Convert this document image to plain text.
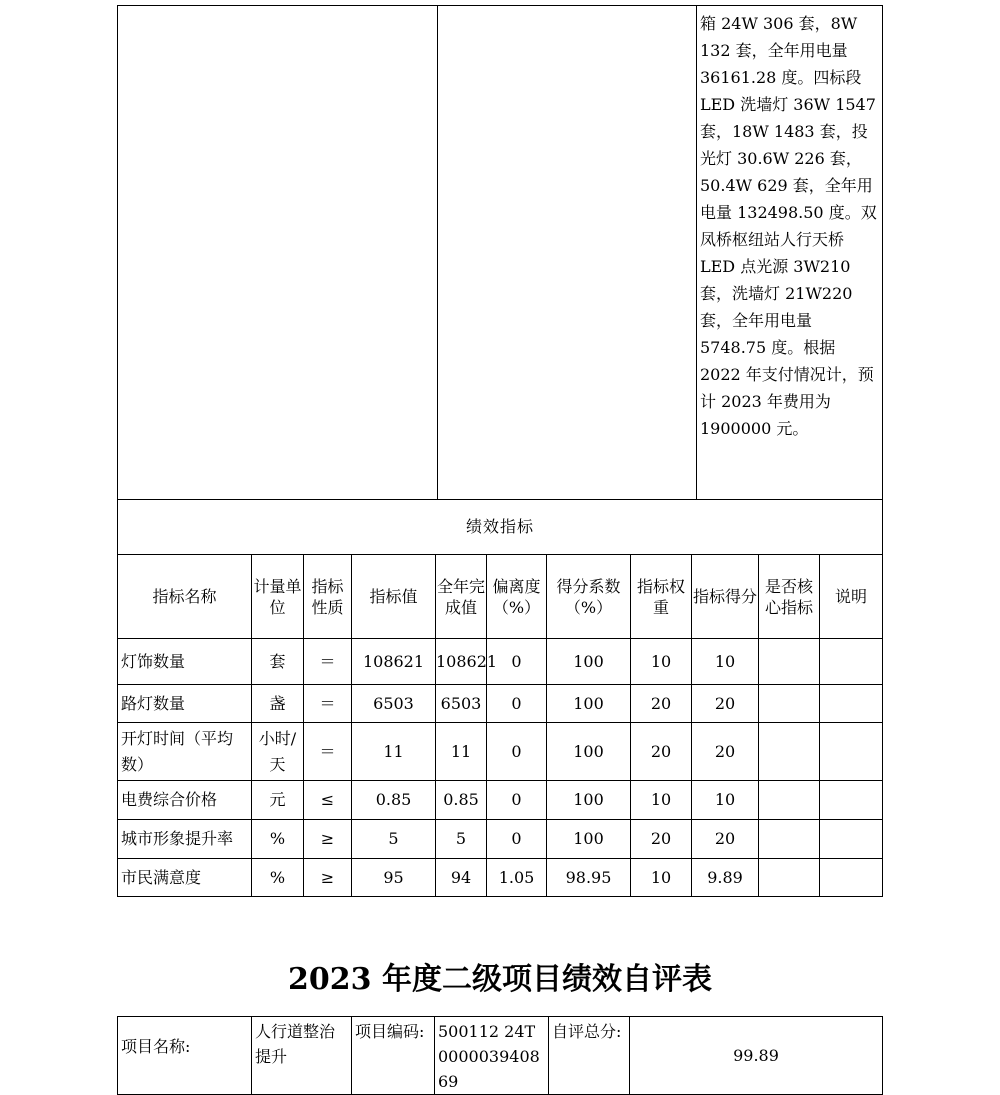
		箱 24W 306 套，8W 132 套，全年用电量 36161.28 度。四标段 LED 洗墙灯 36W 1547 套，18W 1483 套，投光灯 30.6W 226 套，50.4W 629 套，全年用电量 132498.50 度。双凤桥枢纽站人行天桥 LED 点光源 3W210 套，洗墙灯 21W220 套，全年用电量 5748.75 度。根据 2022 年支付情况计，预计 2023 年费用为 1900000 元。
绩效指标										
指标名称	计量单位	指标性质	指标值	全年完成值	偏离度（%）	得分系数（%）	指标权重	指标得分	是否核心指标	说明
灯饰数量	套	＝	108621	108621	0	100	10	10		
路灯数量	盏	＝	6503	6503	0	100	20	20		
开灯时间（平均数）	小时/天	＝	11	11	0	100	20	20		
电费综合价格	元	≤	0.85	0.85	0	100	10	10		
城市形象提升率	%	≥	5	5	0	100	20	20		
市民满意度	%	≥	95	94	1.05	98.95	10	9.89		
2023 年度二级项目绩效自评表
项目名称:	人行道整治提升	项目编码:	500112 24T000003940869	自评总分:	99.89
